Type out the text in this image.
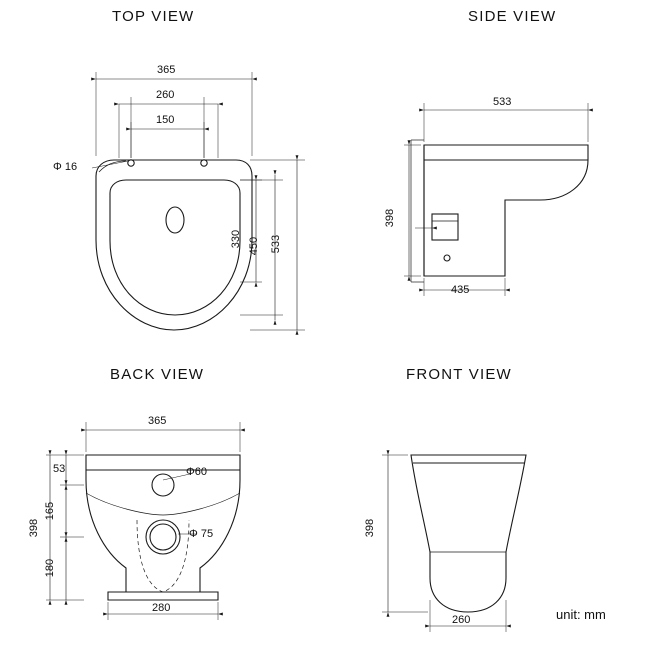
TOP VIEW	SIDE VIEW
BACK VIEW	FRONT VIEW
365
260
150
Φ 16
533
450
330
533
398
435
365
53
165
180
398
Φ60
Φ 75
280
398
260	unit: mm
